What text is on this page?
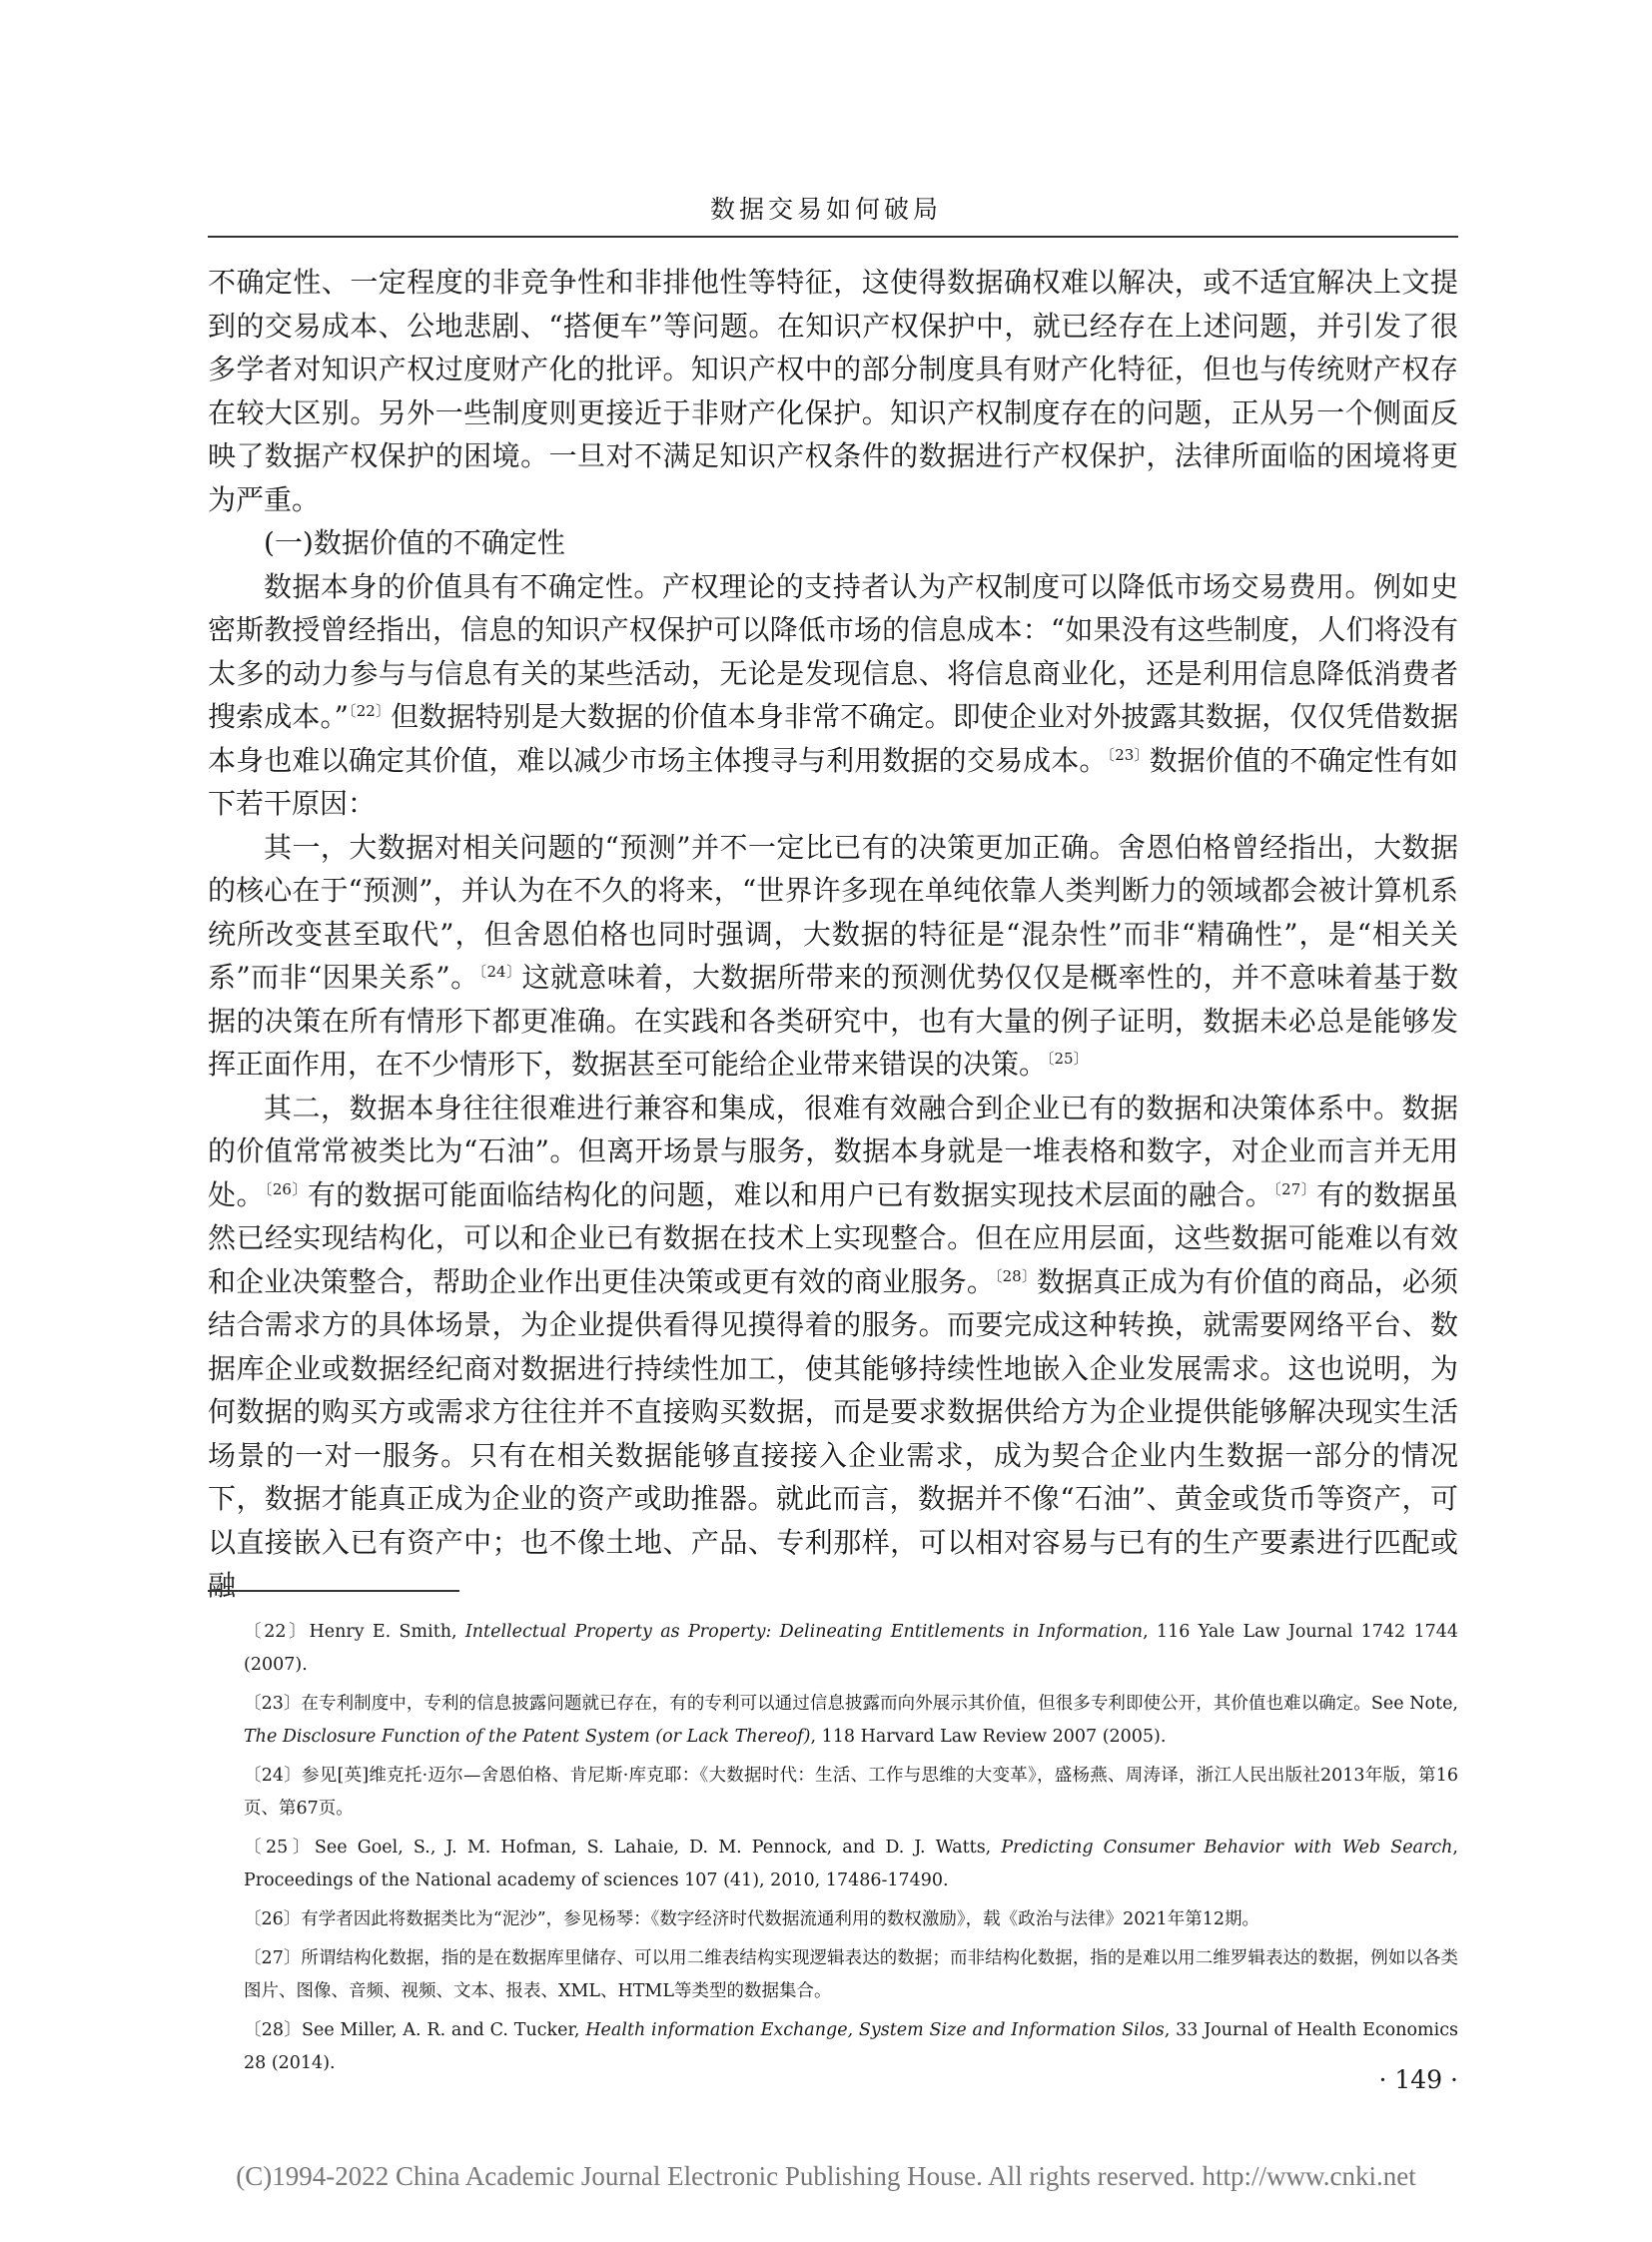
数据交易如何破局

不确定性、一定程度的非竞争性和非排他性等特征，这使得数据确权难以解决，或不适宜解决上文提到的交易成本、公地悲剧、“搭便车”等问题。在知识产权保护中，就已经存在上述问题，并引发了很多学者对知识产权过度财产化的批评。知识产权中的部分制度具有财产化特征，但也与传统财产权存在较大区别。另外一些制度则更接近于非财产化保护。知识产权制度存在的问题，正从另一个侧面反映了数据产权保护的困境。一旦对不满足知识产权条件的数据进行产权保护，法律所面临的困境将更为严重。

(一)数据价值的不确定性

数据本身的价值具有不确定性。产权理论的支持者认为产权制度可以降低市场交易费用。例如史密斯教授曾经指出，信息的知识产权保护可以降低市场的信息成本：“如果没有这些制度，人们将没有太多的动力参与与信息有关的某些活动，无论是发现信息、将信息商业化，还是利用信息降低消费者搜索成本。”$^{〔22〕}$但数据特别是大数据的价值本身非常不确定。即使企业对外披露其数据，仅仅凭借数据本身也难以确定其价值，难以减少市场主体搜寻与利用数据的交易成本。$^{〔23〕}$数据价值的不确定性有如下若干原因：

其一，大数据对相关问题的“预测”并不一定比已有的决策更加正确。舍恩伯格曾经指出，大数据的核心在于“预测”，并认为在不久的将来，“世界许多现在单纯依靠人类判断力的领域都会被计算机系统所改变甚至取代”，但舍恩伯格也同时强调，大数据的特征是“混杂性”而非“精确性”，是“相关关系”而非“因果关系”。$^{〔24〕}$这就意味着，大数据所带来的预测优势仅仅是概率性的，并不意味着基于数据的决策在所有情形下都更准确。在实践和各类研究中，也有大量的例子证明，数据未必总是能够发挥正面作用，在不少情形下，数据甚至可能给企业带来错误的决策。$^{〔25〕}$

其二，数据本身往往很难进行兼容和集成，很难有效融合到企业已有的数据和决策体系中。数据的价值常常被类比为“石油”。但离开场景与服务，数据本身就是一堆表格和数字，对企业而言并无用处。$^{〔26〕}$有的数据可能面临结构化的问题，难以和用户已有数据实现技术层面的融合。$^{〔27〕}$有的数据虽然已经实现结构化，可以和企业已有数据在技术上实现整合。但在应用层面，这些数据可能难以有效和企业决策整合，帮助企业作出更佳决策或更有效的商业服务。$^{〔28〕}$数据真正成为有价值的商品，必须结合需求方的具体场景，为企业提供看得见摸得着的服务。而要完成这种转换，就需要网络平台、数据库企业或数据经纪商对数据进行持续性加工，使其能够持续性地嵌入企业发展需求。这也说明，为何数据的购买方或需求方往往并不直接购买数据，而是要求数据供给方为企业提供能够解决现实生活场景的一对一服务。只有在相关数据能够直接接入企业需求，成为契合企业内生数据一部分的情况下，数据才能真正成为企业的资产或助推器。就此而言，数据并不像“石油”、黄金或货币等资产，可以直接嵌入已有资产中；也不像土地、产品、专利那样，可以相对容易与已有的生产要素进行匹配或融

〔22〕Henry E. Smith, Intellectual Property as Property: Delineating Entitlements in Information, 116 Yale Law Journal 1742 1744 (2007).

〔23〕在专利制度中，专利的信息披露问题就已存在，有的专利可以通过信息披露而向外展示其价值，但很多专利即使公开，其价值也难以确定。See Note, The Disclosure Function of the Patent System (or Lack Thereof), 118 Harvard Law Review 2007 (2005).

〔24〕参见[英]维克托·迈尔—舍恩伯格、肯尼斯·库克耶：《大数据时代：生活、工作与思维的大变革》，盛杨燕、周涛译，浙江人民出版社2013年版，第16页、第67页。

〔25〕See Goel, S., J. M. Hofman, S. Lahaie, D. M. Pennock, and D. J. Watts, Predicting Consumer Behavior with Web Search, Proceedings of the National academy of sciences 107 (41), 2010, 17486-17490.

〔26〕有学者因此将数据类比为“泥沙”，参见杨琴：《数字经济时代数据流通利用的数权激励》，载《政治与法律》2021年第12期。

〔27〕所谓结构化数据，指的是在数据库里储存、可以用二维表结构实现逻辑表达的数据；而非结构化数据，指的是难以用二维罗辑表达的数据，例如以各类图片、图像、音频、视频、文本、报表、XML、HTML等类型的数据集合。

〔28〕See Miller, A. R. and C. Tucker, Health information Exchange, System Size and Information Silos, 33 Journal of Health Economics 28 (2014).

· 149 ·
(C)1994-2022 China Academic Journal Electronic Publishing House. All rights reserved. http://www.cnki.net
